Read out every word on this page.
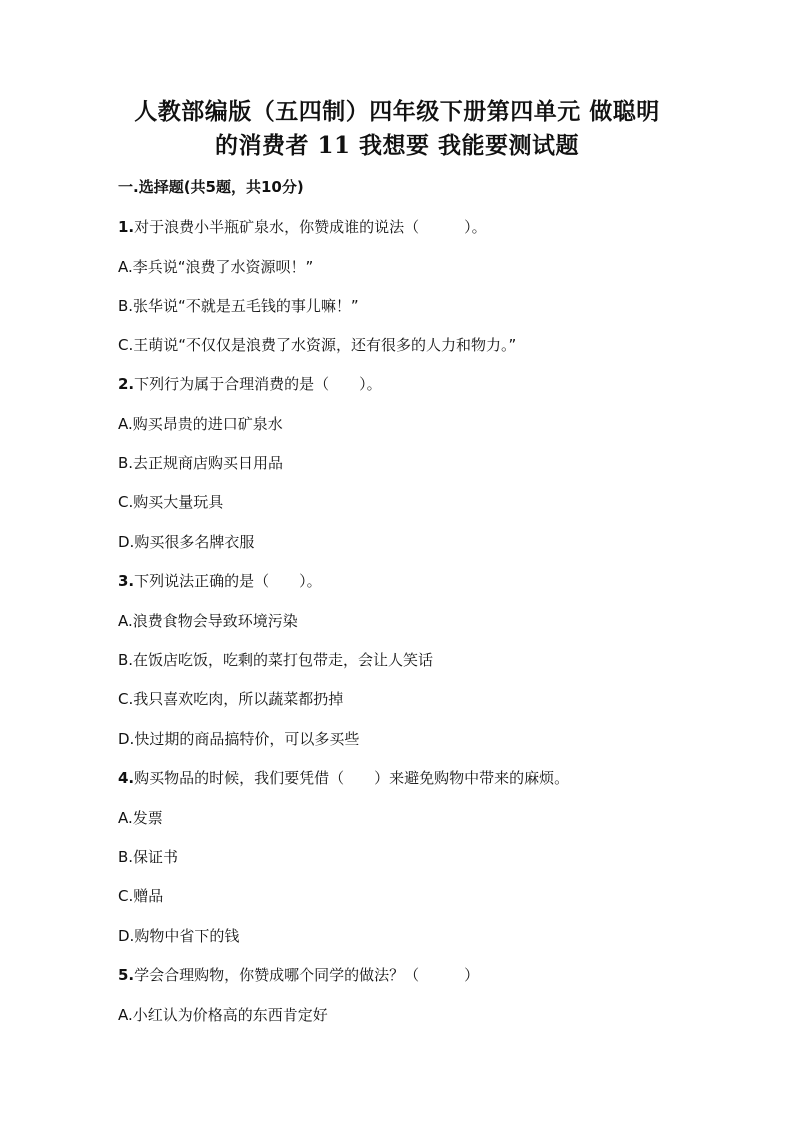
人教部编版（五四制）四年级下册第四单元 做聪明
的消费者 11 我想要 我能要测试题
一.选择题(共5题，共10分)
1.对于浪费小半瓶矿泉水，你赞成谁的说法（　　　）。
A.李兵说“浪费了水资源呗！”
B.张华说“不就是五毛钱的事儿嘛！”
C.王萌说“不仅仅是浪费了水资源，还有很多的人力和物力。”
2.下列行为属于合理消费的是（　　）。
A.购买昂贵的进口矿泉水
B.去正规商店购买日用品
C.购买大量玩具
D.购买很多名牌衣服
3.下列说法正确的是（　　）。
A.浪费食物会导致环境污染
B.在饭店吃饭，吃剩的菜打包带走，会让人笑话
C.我只喜欢吃肉，所以蔬菜都扔掉
D.快过期的商品搞特价，可以多买些
4.购买物品的时候，我们要凭借（　　）来避免购物中带来的麻烦。
A.发票
B.保证书
C.赠品
D.购物中省下的钱
5.学会合理购物，你赞成哪个同学的做法？（　　　）
A.小红认为价格高的东西肯定好
